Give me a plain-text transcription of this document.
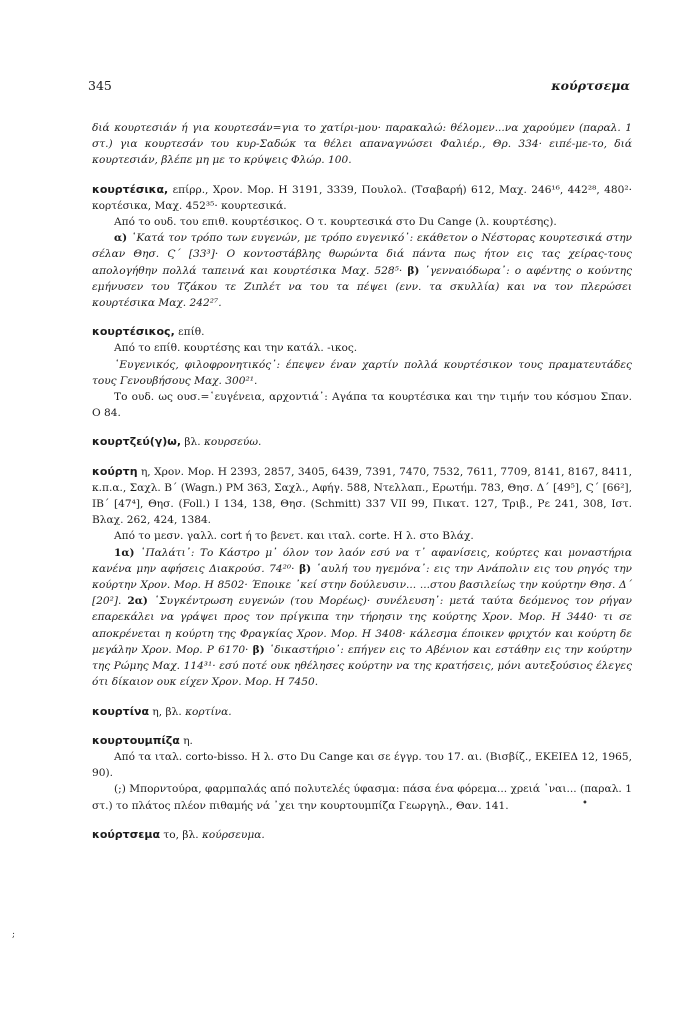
345	κούρτσεμα

διά κουρτεσιάν ή για κουρτεσάν=για το χατίρι-μου· παρακαλώ: θέλομεν...να χαρούμεν (παραλ. 1 στ.) για κουρτεσάν του κυρ-Σαδώκ τα θέλει απαναγνώσει Φαλιέρ., Θρ. 334· ειπέ-με-το, διά κουρτεσιάν, βλέπε μη με το κρύψεις Φλώρ. 100.

κουρτέσικα, επίρρ., Χρον. Μορ. Η 3191, 3339, Πουλολ. (Τσαβαρή) 612, Μαχ. 246¹⁶, 442²⁸, 480²· κορτέσικα, Μαχ. 452³⁵· κουρτεσικά.

Από το ουδ. του επιθ. κουρτέσικος. Ο τ. κουρτεσικά στο Du Cange (λ. κουρτέσης).

α) ῾Κατά τον τρόπο των ευγενών, με τρόπο ευγενικό᾿: εκάθετον ο Νέστορας κουρτεσικά στην σέλαν Θησ. Ϛ΄ [33³]· Ο κοντοστάβλης θωρώντα διά πάντα πως ήτον εις τας χείρας-τους απολογήθην πολλά ταπεινά και κουρτέσικα Μαχ. 528⁵· β) ῾γενναιόδωρα᾿: ο αφέντης ο κούντης εμήνυσεν του Τζάκου τε Ζιπλέτ να του τα πέψει (ενν. τα σκυλλία) και να τον πλερώσει κουρτέσικα Μαχ. 242²⁷.

κουρτέσικος, επίθ.

Από το επίθ. κουρτέσης και την κατάλ. -ικος.

῾Ευγενικός, φιλοφρονητικός᾿: έπεψεν έναν χαρτίν πολλά κουρτέσικον τους πραματευτάδες τους Γενουβήσους Μαχ. 300²¹.

Το ουδ. ως ουσ.=῾ευγένεια, αρχοντιά᾿: Αγάπα τα κουρτέσικα και την τιμήν του κόσμου Σπαν. Ο 84.

κουρτζεύ(γ)ω, βλ. κουρσεύω.

κούρτη η, Χρον. Μορ. Η 2393, 2857, 3405, 6439, 7391, 7470, 7532, 7611, 7709, 8141, 8167, 8411, κ.π.α., Σαχλ. Β΄ (Wagn.) PM 363, Σαχλ., Αφήγ. 588, Ντελλαπ., Ερωτήμ. 783, Θησ. Δ΄ [49⁵], Ϛ΄ [66²], ΙΒ΄ [47⁴], Θησ. (Foll.) I 134, 138, Θησ. (Schmitt) 337 VII 99, Πικατ. 127, Τριβ., Ρε 241, 308, Ιστ. Βλαχ. 262, 424, 1384.

Από το μεσν. γαλλ. cort ή το βενετ. και ιταλ. corte. Η λ. στο Βλάχ.

1α) ῾Παλάτι᾿: Το Κάστρο μ᾿ όλον τον λαόν εσύ να τ᾿ αφανίσεις, κούρτες και μοναστήρια κανένα μην αφήσεις Διακρούσ. 74²⁰· β) ῾αυλή του ηγεμόνα᾿: εις την Ανάπολιν εις του ρηγός την κούρτην Χρον. Μορ. Η 8502· Έποικε ᾿κεί στην δούλευσιν... ...στου βασιλείως την κούρτην Θησ. Δ΄ [20²]. 2α) ῾Συγκέντρωση ευγενών (του Μορέως)· συνέλευση᾿: μετά ταύτα δεόμενος τον ρήγαν επαρεκάλει να γράψει προς τον πρίγκιπα την τήρησιν της κούρτης Χρον. Μορ. Η 3440· τι σε αποκρένεται η κούρτη της Φραγκίας Χρον. Μορ. Η 3408· κάλεσμα έποικεν φριχτόν και κούρτη δε μεγάλην Χρον. Μορ. Ρ 6170· β) ῾δικαστήριο᾿: επήγεν εις το Αβένιον και εστάθην εις την κούρτην της Ρώμης Μαχ. 114³¹· εσύ ποτέ ουκ ηθέλησες κούρτην να της κρατήσεις, μόνι αυτεξούσιος έλεγες ότι δίκαιον ουκ είχεν Χρον. Μορ. Η 7450.

κουρτίνα η, βλ. κορτίνα.

κουρτουμπίζα η.

Από τα ιταλ. corto-bisso. Η λ. στο Du Cange και σε έγγρ. του 17. αι. (Βισβίζ., ΕΚΕΙΕΔ 12, 1965, 90).

(;) Μπορντούρα, φαρμπαλάς από πολυτελές ύφασμα: πάσα ένα φόρεμα... χρειά ᾿ναι... (παραλ. 1 στ.) το πλάτος πλέον πιθαμής νά ᾿χει την κουρτουμπίζα Γεωργηλ., Θαν. 141.

κούρτσεμα το, βλ. κούρσευμα.

•
;
